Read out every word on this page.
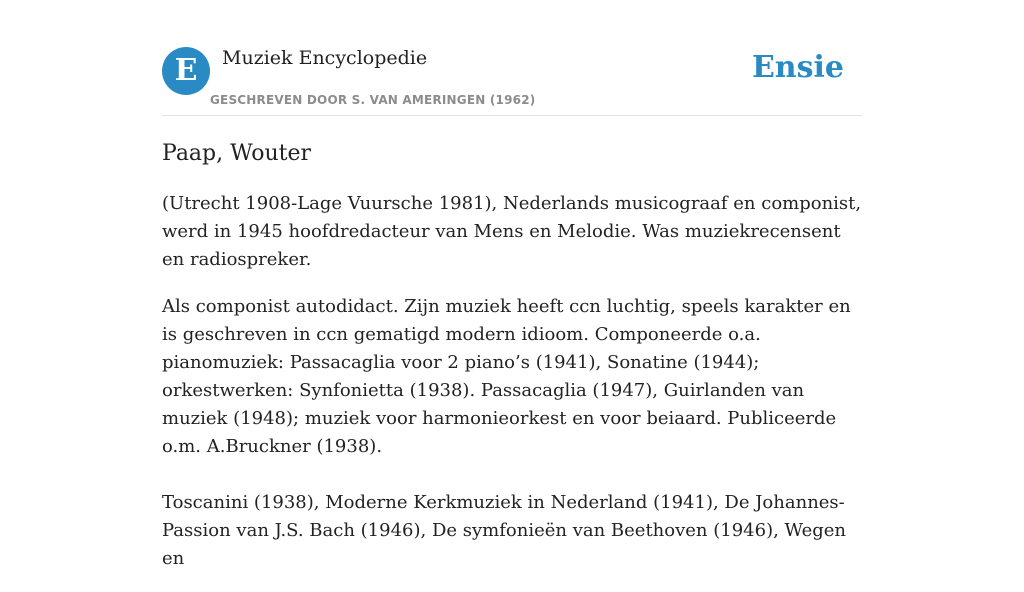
E	Muziek Encyclopedie
GESCHREVEN DOOR S. VAN AMERINGEN (1962)
Ensie
Paap, Wouter

(Utrecht 1908-Lage Vuursche 1981), Nederlands musicograaf en componist, werd in 1945 hoofdredacteur van Mens en Melodie. Was muziekrecensent en radiospreker.

Als componist autodidact. Zijn muziek heeft ccn luchtig, speels karakter en is geschreven in ccn gematigd modern idioom. Componeerde o.a. pianomuziek: Passacaglia voor 2 piano’s (1941), Sonatine (1944); orkestwerken: Synfonietta (1938). Passacaglia (1947), Guirlanden van muziek (1948); muziek voor harmonieorkest en voor beiaard. Publiceerde o.m. A.Bruckner (1938).

Toscanini (1938), Moderne Kerkmuziek in Nederland (1941), De Johannes-Passion van J.S. Bach (1946), De symfonieën van Beethoven (1946), Wegen en
